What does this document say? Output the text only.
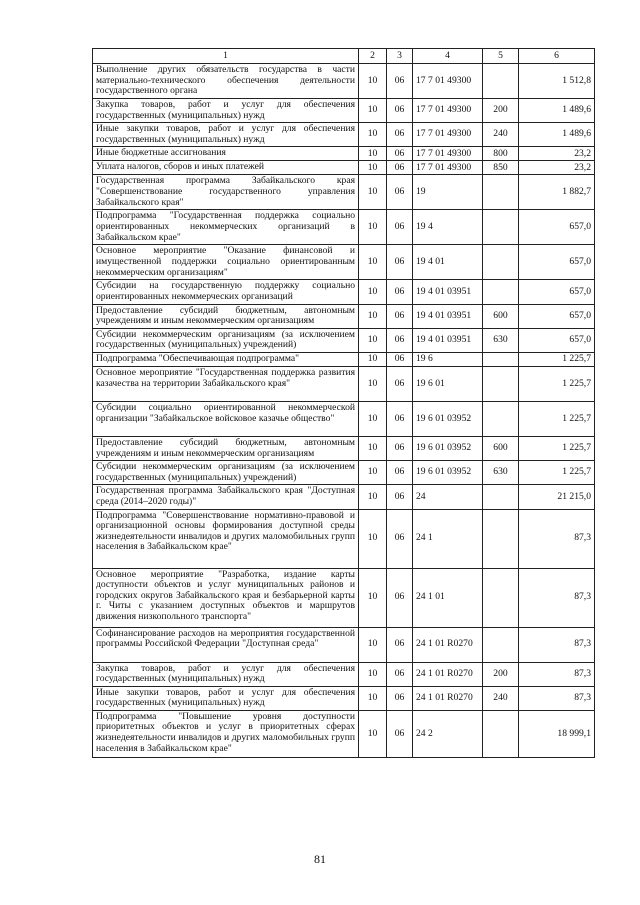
1	2	3	4	5	6
Выполнение других обязательств государства в части материально-технического обеспечения деятельности государственного органа	10	06	17 7 01 49300		1 512,8
Закупка товаров, работ и услуг для обеспечения государственных (муниципальных) нужд	10	06	17 7 01 49300	200	1 489,6
Иные закупки товаров, работ и услуг для обеспечения государственных (муниципальных) нужд	10	06	17 7 01 49300	240	1 489,6
Иные бюджетные ассигнования	10	06	17 7 01 49300	800	23,2
Уплата налогов, сборов и иных платежей	10	06	17 7 01 49300	850	23,2
Государственная программа Забайкальского края "Совершенствование государственного управления Забайкальского края"	10	06	19		1 882,7
Подпрограмма "Государственная поддержка социально ориентированных некоммерческих организаций в Забайкальском крае"	10	06	19 4		657,0
Основное мероприятие "Оказание финансовой и имущественной поддержки социально ориентированным некоммерческим организациям"	10	06	19 4 01		657,0
Субсидии на государственную поддержку социально ориентированных некоммерческих организаций	10	06	19 4 01 03951		657,0
Предоставление субсидий бюджетным, автономным учреждениям и иным некоммерческим организациям	10	06	19 4 01 03951	600	657,0
Субсидии некоммерческим организациям (за исключением государственных (муниципальных) учреждений)	10	06	19 4 01 03951	630	657,0
Подпрограмма "Обеспечивающая подпрограмма"	10	06	19 6		1 225,7
Основное мероприятие "Государственная поддержка развития казачества на территории Забайкальского края"	10	06	19 6 01		1 225,7
Субсидии социально ориентированной некоммерческой организации "Забайкальское войсковое казачье общество"	10	06	19 6 01 03952		1 225,7
Предоставление субсидий бюджетным, автономным учреждениям и иным некоммерческим организациям	10	06	19 6 01 03952	600	1 225,7
Субсидии некоммерческим организациям (за исключением государственных (муниципальных) учреждений)	10	06	19 6 01 03952	630	1 225,7
Государственная программа Забайкальского края "Доступная среда (2014–2020 годы)"	10	06	24		21 215,0
Подпрограмма "Совершенствование нормативно-правовой и организационной основы формирования доступной среды жизнедеятельности инвалидов и других маломобильных групп населения в Забайкальском крае"	10	06	24 1		87,3
Основное мероприятие "Разработка, издание карты доступности объектов и услуг муниципальных районов и городских округов Забайкальского края и безбарьерной карты г. Читы с указанием доступных объектов и маршрутов движения низкопольного транспорта"	10	06	24 1 01		87,3
Софинансирование расходов на мероприятия государственной программы Российской Федерации "Доступная среда"	10	06	24 1 01 R0270		87,3
Закупка товаров, работ и услуг для обеспечения государственных (муниципальных) нужд	10	06	24 1 01 R0270	200	87,3
Иные закупки товаров, работ и услуг для обеспечения государственных (муниципальных) нужд	10	06	24 1 01 R0270	240	87,3
Подпрограмма "Повышение уровня доступности приоритетных объектов и услуг в приоритетных сферах жизнедеятельности инвалидов и других маломобильных групп населения в Забайкальском крае"	10	06	24 2		18 999,1
81
